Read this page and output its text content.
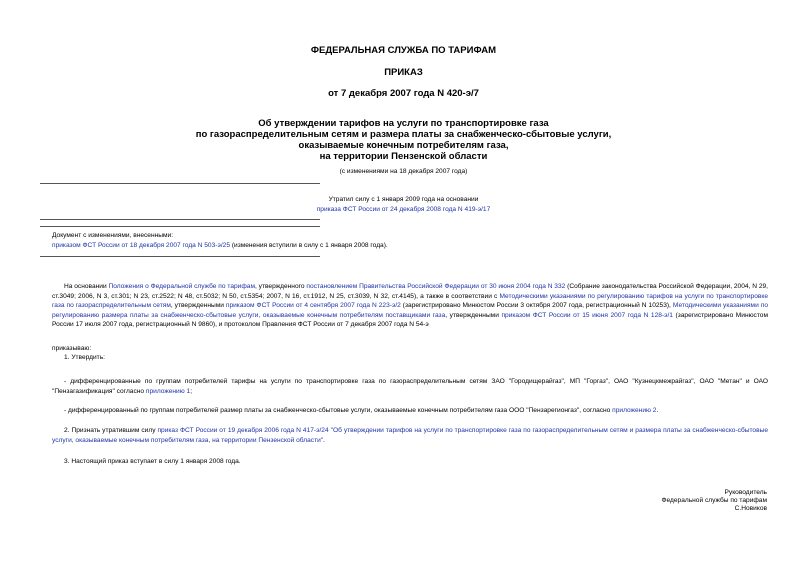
ФЕДЕРАЛЬНАЯ СЛУЖБА ПО ТАРИФАМ
ПРИКАЗ
от 7 декабря 2007 года N 420-э/7
Об утверждении тарифов на услуги по транспортировке газа
по газораспределительным сетям и размера платы за снабженческо-сбытовые услуги,
оказываемые конечным потребителям газа,
на территории Пензенской области
(с изменениями на 18 декабря 2007 года)
Утратил силу с 1 января 2009 года на основании
приказа ФСТ России от 24 декабря 2008 года N 419-э/17
Документ с изменениями, внесенными:
приказом ФСТ России от 18 декабря 2007 года N 503-э/25 (изменения вступили в силу с 1 января 2008 года).
На основании Положения о Федеральной службе по тарифам, утвержденного постановлением Правительства Российской Федерации от 30 июня 2004 года N 332 (Собрание законодательства Российской Федерации, 2004, N 29, ст.3049; 2006, N 3, ст.301; N 23, ст.2522; N 48, ст.5032; N 50, ст.5354; 2007, N 16, ст.1912, N 25, ст.3039, N 32, ст.4145), а также в соответствии с Методическими указаниями по регулированию тарифов на услуги по транспортировке газа по газораспределительным сетям, утвержденными приказом ФСТ России от 4 сентября 2007 года N 223-э/2 (зарегистрировано Минюстом России 3 октября 2007 года, регистрационный N 10253), Методическими указаниями по регулированию размера платы за снабженческо-сбытовые услуги, оказываемые конечным потребителям поставщиками газа, утвержденными приказом ФСТ России от 15 июня 2007 года N 128-э/1 (зарегистрировано Минюстом России 17 июля 2007 года, регистрационный N 9860), и протоколом Правления ФСТ России от 7 декабря 2007 года N 54-э
приказываю:
1. Утвердить:
- дифференцированные по группам потребителей тарифы на услуги по транспортировке газа по газораспределительным сетям ЗАО "Городищерайгаз", МП "Горгаз", ОАО "Кузнецкмежрайгаз", ОАО "Метан" и ОАО "Пензагазификация" согласно приложению 1;
- дифференцированный по группам потребителей размер платы за снабженческо-сбытовые услуги, оказываемые конечным потребителям газа ООО "Пензарегионгаз", согласно приложению 2.
2. Признать утратившим силу приказ ФСТ России от 19 декабря 2006 года N 417-э/24 "Об утверждении тарифов на услуги по транспортировке газа по газораспределительным сетям и размера платы за снабженческо-сбытовые услуги, оказываемые конечным потребителям газа, на территории Пензенской области".
3. Настоящий приказ вступает в силу 1 января 2008 года.
Руководитель
Федеральной службы по тарифам
С.Новиков
